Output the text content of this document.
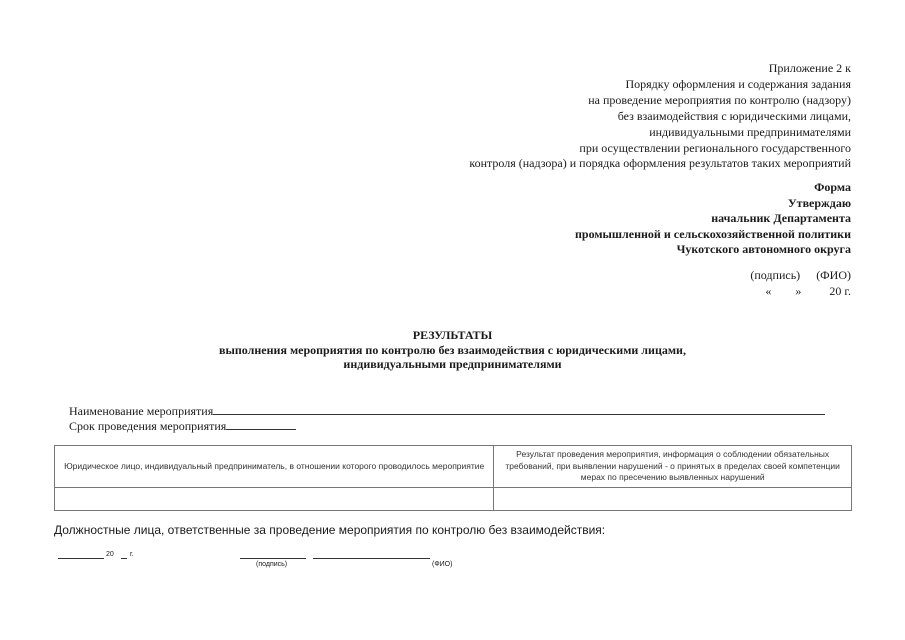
Приложение 2 к
Порядку оформления и содержания задания
на проведение мероприятия по контролю (надзору)
без взаимодействия с юридическими лицами,
индивидуальными предпринимателями
при осуществлении регионального государственного
контроля (надзора) и порядка оформления результатов таких мероприятий
Форма
Утверждаю
начальник Департамента
промышленной и сельскохозяйственной политики
Чукотского автономного округа
(подпись) (ФИО)
« » 20 г.
РЕЗУЛЬТАТЫ
выполнения мероприятия по контролю без взаимодействия с юридическими лицами,
индивидуальными предпринимателями
Наименование мероприятия
Срок проведения мероприятия
Юридическое лицо, индивидуальный предприниматель, в отношении которого проводилось мероприятие	Результат проведения мероприятия, информация о соблюдении обязательных требований, при выявлении нарушений - о принятых в пределах своей компетенции мерах по пресечению выявленных нарушений

Должностные лица, ответственные за проведение мероприятия по контролю без взаимодействия:
20 г.
(подпись)	(ФИО)
